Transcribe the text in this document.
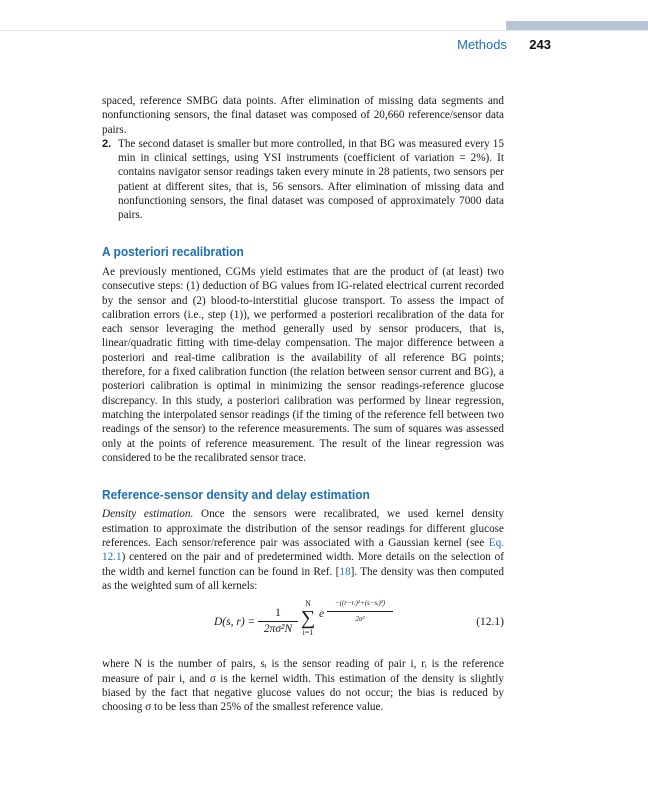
Methods 243

spaced, reference SMBG data points. After elimination of missing data segments and nonfunctioning sensors, the final dataset was composed of 20,660 reference/sensor data pairs.

2. The second dataset is smaller but more controlled, in that BG was measured every 15 min in clinical settings, using YSI instruments (coefficient of variation = 2%). It contains navigator sensor readings taken every minute in 28 patients, two sensors per patient at different sites, that is, 56 sensors. After elimination of missing data and nonfunctioning sensors, the final dataset was composed of approximately 7000 data pairs.

A posteriori recalibration

Ae previously mentioned, CGMs yield estimates that are the product of (at least) two consecutive steps: (1) deduction of BG values from IG-related electrical current recorded by the sensor and (2) blood-to-interstitial glucose transport. To assess the impact of calibration errors (i.e., step (1)), we performed a posteriori recalibration of the data for each sensor leveraging the method generally used by sensor producers, that is, linear/quadratic fitting with time-delay compensation. The major difference between a posteriori and real-time calibration is the availability of all reference BG points; therefore, for a fixed calibration function (the relation between sensor current and BG), a posteriori calibration is optimal in minimizing the sensor readings-reference glucose discrepancy. In this study, a posteriori calibration was performed by linear regression, matching the interpolated sensor readings (if the timing of the reference fell between two readings of the sensor) to the reference measurements. The sum of squares was assessed only at the points of reference measurement. The result of the linear regression was considered to be the recalibrated sensor trace.

Reference-sensor density and delay estimation

Density estimation. Once the sensors were recalibrated, we used kernel density estimation to approximate the distribution of the sensor readings for different glucose references. Each sensor/reference pair was associated with a Gaussian kernel (see Eq. 12.1) centered on the pair and of predetermined width. More details on the selection of the width and kernel function can be found in Ref. [18]. The density was then computed as the weighted sum of all kernels:

D(s, r) =
1
2πσ²N
N
∑
i=1
e
−((r−rᵢ)²+(s−sᵢ)²)

2σ²	(12.1)

where N is the number of pairs, sᵢ is the sensor reading of pair i, rᵢ is the reference measure of pair i, and σ is the kernel width. This estimation of the density is slightly biased by the fact that negative glucose values do not occur; the bias is reduced by choosing σ to be less than 25% of the smallest reference value.
